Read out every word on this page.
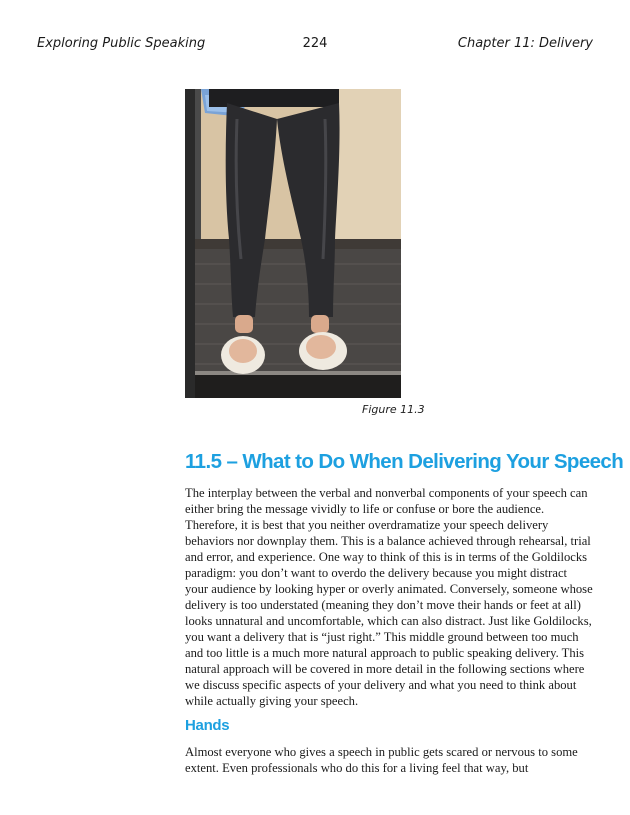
Exploring Public Speaking	224	Chapter 11: Delivery
Figure 11.3
11.5 – What to Do When Delivering Your Speech

The interplay between the verbal and nonverbal components of your speech can either bring the message vividly to life or confuse or bore the audience. Therefore, it is best that you neither overdramatize your speech delivery behaviors nor downplay them. This is a balance achieved through rehearsal, trial and error, and experience. One way to think of this is in terms of the Goldilocks paradigm: you don’t want to overdo the delivery because you might distract your audience by looking hyper or overly animated. Conversely, someone whose delivery is too understated (meaning they don’t move their hands or feet at all) looks unnatural and uncomfortable, which can also distract. Just like Goldilocks, you want a delivery that is “just right.” This middle ground between too much and too little is a much more natural approach to public speaking delivery. This natural approach will be covered in more detail in the following sections where we discuss specific aspects of your delivery and what you need to think about while actually giving your speech.

Hands

Almost everyone who gives a speech in public gets scared or nervous to some extent. Even professionals who do this for a living feel that way, but
